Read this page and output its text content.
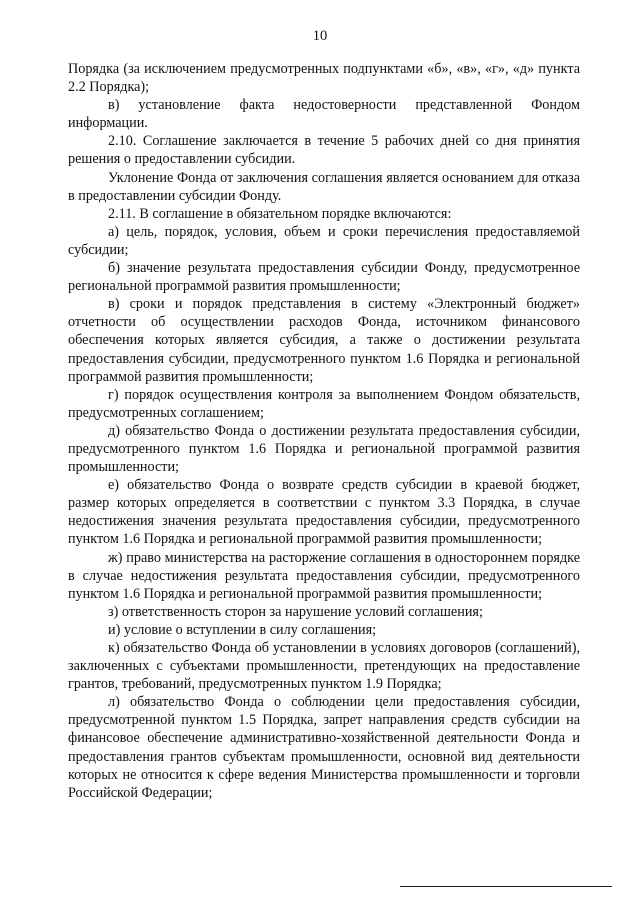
10

Порядка (за исключением предусмотренных подпунктами «б», «в», «г», «д» пункта 2.2 Порядка);

в) установление факта недостоверности представленной Фондом информации.

2.10. Соглашение заключается в течение 5 рабочих дней со дня принятия решения о предоставлении субсидии.

Уклонение Фонда от заключения соглашения является основанием для отказа в предоставлении субсидии Фонду.

2.11. В соглашение в обязательном порядке включаются:

а) цель, порядок, условия, объем и сроки перечисления предоставляемой субсидии;

б) значение результата предоставления субсидии Фонду, предусмотренное региональной программой развития промышленности;

в) сроки и порядок представления в систему «Электронный бюджет» отчетности об осуществлении расходов Фонда, источником финансового обеспечения которых является субсидия, а также о достижении результата предоставления субсидии, предусмотренного пунктом 1.6 Порядка и региональной программой развития промышленности;

г) порядок осуществления контроля за выполнением Фондом обязательств, предусмотренных соглашением;

д) обязательство Фонда о достижении результата предоставления субсидии, предусмотренного пунктом 1.6 Порядка и региональной программой развития промышленности;

е) обязательство Фонда о возврате средств субсидии в краевой бюджет, размер которых определяется в соответствии с пунктом 3.3 Порядка, в случае недостижения значения результата предоставления субсидии, предусмотренного пунктом 1.6 Порядка и региональной программой развития промышленности;

ж) право министерства на расторжение соглашения в одностороннем порядке в случае недостижения результата предоставления субсидии, предусмотренного пунктом 1.6 Порядка и региональной программой развития промышленности;

з) ответственность сторон за нарушение условий соглашения;

и) условие о вступлении в силу соглашения;

к) обязательство Фонда об установлении в условиях договоров (соглашений), заключенных с субъектами промышленности, претендующих на предоставление грантов, требований, предусмотренных пунктом 1.9 Порядка;

л) обязательство Фонда о соблюдении цели предоставления субсидии, предусмотренной пунктом 1.5 Порядка, запрет направления средств субсидии на финансовое обеспечение административно-хозяйственной деятельности Фонда и предоставления грантов субъектам промышленности, основной вид деятельности которых не относится к сфере ведения Министерства промышленности и торговли Российской Федерации;
